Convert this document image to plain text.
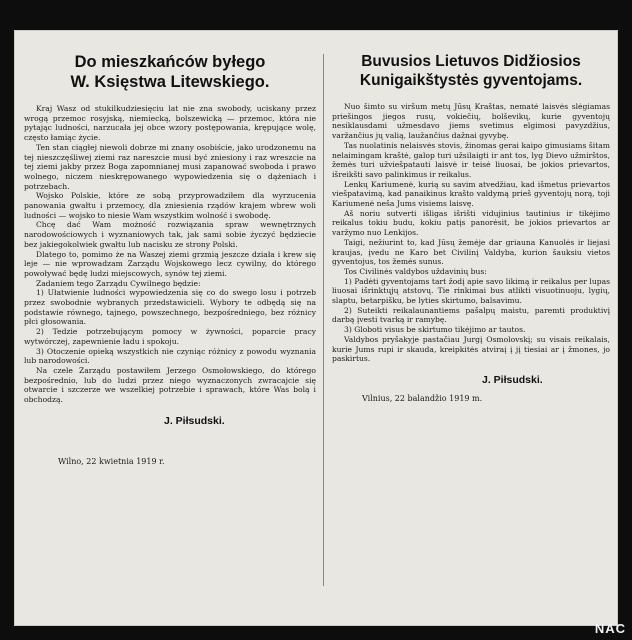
Do mieszkańców byłego
W. Księstwa Litewskiego.

Kraj Wasz od stukilkudziesięciu lat nie zna swobody, uciskany przez wrogą przemoc rosyjską, niemiecką, bolszewicką — przemoc, która nie pytając ludności, narzucała jej obce wzory postępowania, krępujące wolę, często łamiąc życie.

Ten stan ciągłej niewoli dobrze mi znany osobiście, jako urodzonemu na tej nieszczęśliwej ziemi raz nareszcie musi być zniesiony i raz wreszcie na tej ziemi jakby przez Boga zapomnianej musi zapanować swoboda i prawo wolnego, niczem nieskrępowanego wypowiedzenia się o dążeniach i potrzebach.

Wojsko Polskie, które ze sobą przyprowadziłem dla wyrzucenia panowania gwałtu i przemocy, dla zniesienia rządów krajem wbrew woli ludności — wojsko to niesie Wam wszystkim wolność i swobodę.

Chcę dać Wam możność rozwiązania spraw wewnętrznych narodowościowych i wyznaniowych tak, jak sami sobie życzyć będziecie bez jakiegokolwiek gwałtu lub nacisku ze strony Polski.

Dlatego to, pomimo że na Waszej ziemi grzmią jeszcze działa i krew się leje — nie wprowadzam Zarządu Wojskowego lecz cywilny, do którego powoływać będę ludzi miejscowych, synów tej ziemi.

Zadaniem tego Zarządu Cywilnego będzie:

1) Ułatwienie ludności wypowiedzenia się co do swego losu i potrzeb przez swobodnie wybranych przedstawicieli. Wybory te odbędą się na podstawie równego, tajnego, powszechnego, bezpośredniego, bez różnicy płci głosowania.

2) Tedzie potrzebującym pomocy w żywności, poparcie pracy wytwórczej, zapewnienie ładu i spokoju.

3) Otoczenie opieką wszystkich nie czyniąc różnicy z powodu wyznania lub narodowości.

Na czele Zarządu postawiłem Jerzego Osmołowskiego, do którego bezpośrednio, lub do ludzi przez niego wyznaczonych zwracajcie się otwarcie i szczerze we wszelkiej potrzebie i sprawach, które Was bolą i obchodzą.

J. Piłsudski.
Wilno, 22 kwietnia 1919 r.
Buvusios Lietuvos Didžiosios
Kunigaikštystės gyventojams.

Nuo šimto su viršum metų Jūsų Kraštas, nematė laisvės slėgiamas priešingos jiegos rusų, vokiečių, bolševikų, kurie gyventojų nesiklausdami užmesdavo jiems svetimus elgimosi pavyzdžius, varžančius jų valią, laužančius dažnai gyvybę.

Tas nuolatinis nelaisvės stovis, žinomas gerai kaipo gimusiams šitam nelaimingam kraštė, galop turi užsilaigti ir ant tos, lyg Dievo užmirštos, žemės turi užviešpatauti laisvė ir teisė liuosai, be jokios prievartos, išreikšti savo palinkimus ir reikalus.

Lenkų Kariumenė, kurią su savim atvedžiau, kad išmetus prievartos viešpatavimą, kad panaikinus krašto valdymą prieš gyventojų norą, toji Kariumenė neša Jums visiems laisvę.

Aš noriu sutverti išligas išrišti vidujinius tautinius ir tikėjimo reikalus tokiu budu, kokiu patįs panorėsit, be jokios prievartos ar varžymo nuo Lenkijos.

Taigi, nežiurint to, kad Jūsų žemėje dar griauna Kanuolės ir liejasi kraujas, įvedu ne Karo bet Civilinį Valdyba, kurion šauksiu vietos gyventojus, tos žemės sunus.

Tos Civilinės valdybos uždavinių bus:

1) Padėti gyventojams tart žodį apie savo likimą ir reikalus per lupas liuosai išrinktųjų atstovų. Tie rinkimai bus atlikti visuotinuoju, lygių, slaptu, betarpišku, be lyties skirtumo, balsavimu.

2) Suteikti reikalaunantiems pašalpų maistu, paremti produktivį darbą įvesti tvarką ir ramybę.

3) Globoti visus be skirtumo tikėjimo ar tautos.

Valdybos pryšakyje pastačiau Jurgį Osmolovskį; su visais reikalais, kurie Jums rupi ir skauda, kreipkitės atviraį į jį tiesiai ar į žmones, jo paskirtus.

J. Piłsudski.
Vilnius, 22 balandžio 1919 m.
NAC
